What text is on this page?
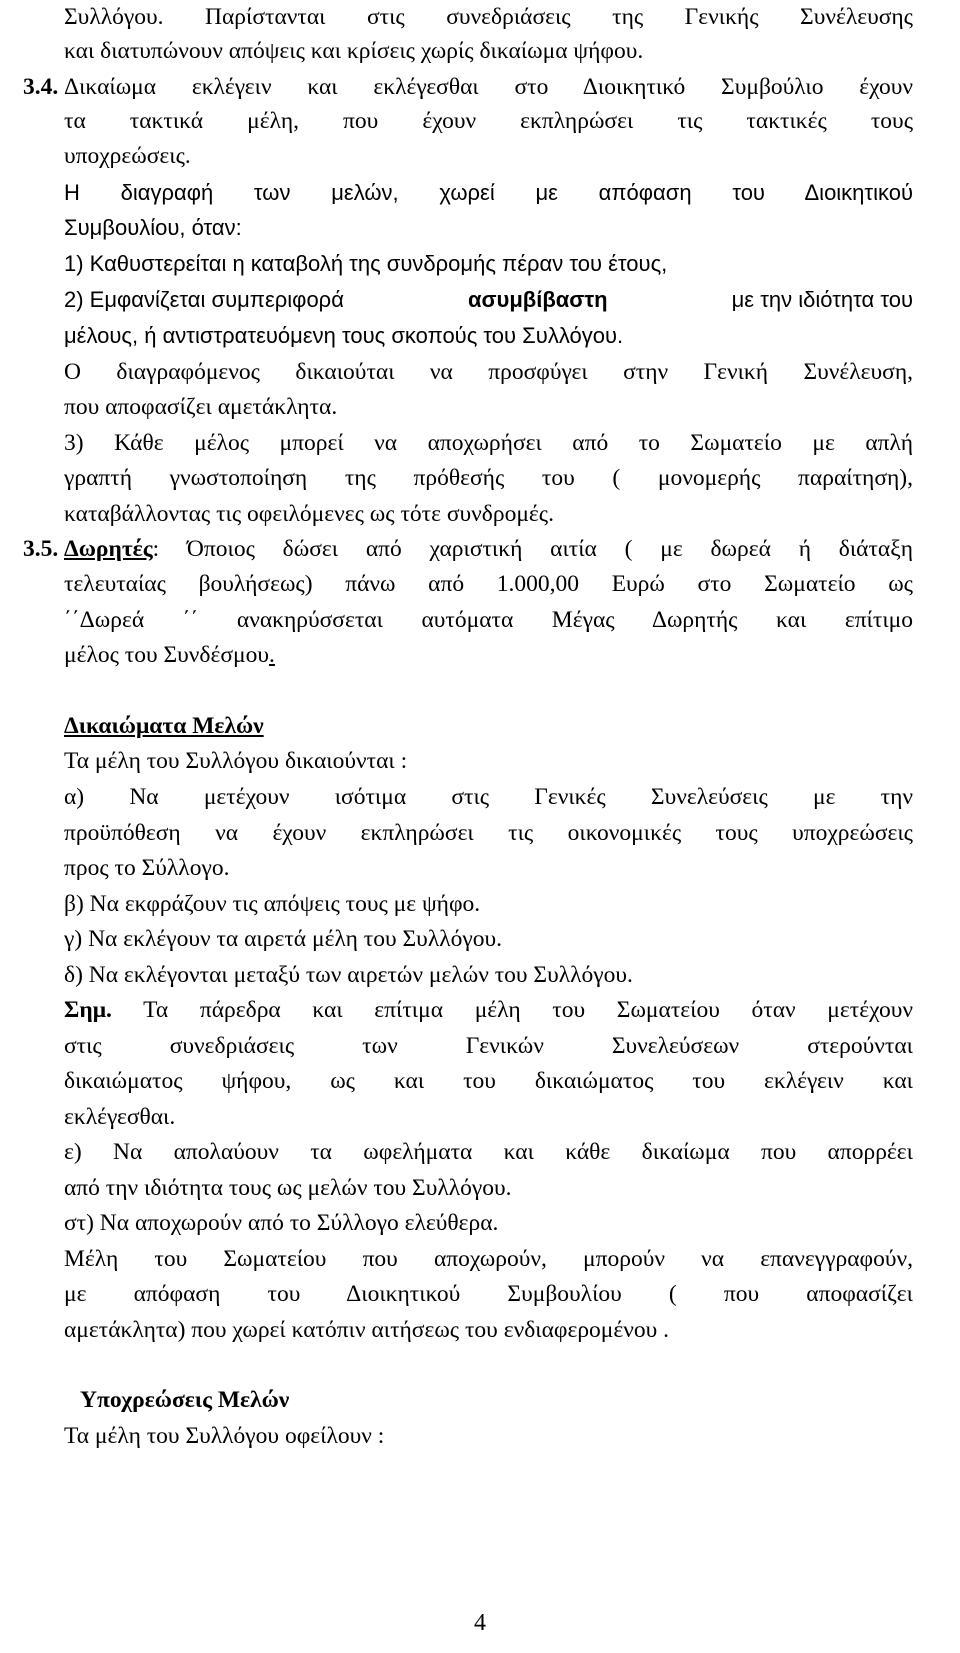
Συλλόγου. Παρίστανται στις συνεδριάσεις της Γενικής Συνέλευσης
και διατυπώνουν απόψεις και κρίσεις χωρίς δικαίωμα ψήφου.
3.4. Δικαίωμα εκλέγειν και εκλέγεσθαι στο Διοικητικό Συμβούλιο έχουν
τα τακτικά μέλη, που έχουν εκπληρώσει τις τακτικές τους
υποχρεώσεις.
Η διαγραφή των μελών, χωρεί με απόφαση του Διοικητικού
Συμβουλίου, όταν:
1) Καθυστερείται η καταβολή της συνδρομής πέραν του έτους,
2) Εμφανίζεται συμπεριφορά	ασυμβίβαστη	με την ιδιότητα του
μέλους, ή αντιστρατευόμενη τους σκοπούς του Συλλόγου.
Ο διαγραφόμενος δικαιούται να προσφύγει στην Γενική Συνέλευση,
που αποφασίζει αμετάκλητα.
3) Κάθε μέλος μπορεί να αποχωρήσει από το Σωματείο με απλή
γραπτή γνωστοποίηση της πρόθεσής του ( μονομερής παραίτηση),
καταβάλλοντας τις οφειλόμενες ως τότε συνδρομές.
3.5. Δωρητές : Όποιος δώσει από χαριστική αιτία ( με δωρεά ή διάταξη
τελευταίας βουλήσεως) πάνω από 1.000,00 Ευρώ στο Σωματείο ως
΄΄Δωρεά ΄΄ ανακηρύσσεται αυτόματα Μέγας Δωρητής και επίτιμο
μέλος του Συνδέσμου.
Δικαιώματα Μελών
Τα μέλη του Συλλόγου δικαιούνται :
α) Να μετέχουν ισότιμα στις Γενικές Συνελεύσεις με την
προϋπόθεση να έχουν εκπληρώσει τις οικονομικές τους υποχρεώσεις
προς το Σύλλογο.
β) Να εκφράζουν τις απόψεις τους με ψήφο.
γ) Να εκλέγουν τα αιρετά μέλη του Συλλόγου.
δ) Να εκλέγονται μεταξύ των αιρετών μελών του Συλλόγου.
Σημ. Τα πάρεδρα και επίτιμα μέλη του Σωματείου όταν μετέχουν
στις συνεδριάσεις των Γενικών Συνελεύσεων στερούνται
δικαιώματος ψήφου, ως και του δικαιώματος του εκλέγειν και
εκλέγεσθαι.
ε) Να απολαύουν τα ωφελήματα και κάθε δικαίωμα που απορρέει
από την ιδιότητα τους ως μελών του Συλλόγου.
στ) Να αποχωρούν από το Σύλλογο ελεύθερα.
Μέλη του Σωματείου που αποχωρούν, μπορούν να επανεγγραφούν,
με απόφαση του Διοικητικού Συμβουλίου ( που αποφασίζει
αμετάκλητα) που χωρεί κατόπιν αιτήσεως του ενδιαφερομένου .
Υποχρεώσεις Μελών
Τα μέλη του Συλλόγου οφείλουν :
4
